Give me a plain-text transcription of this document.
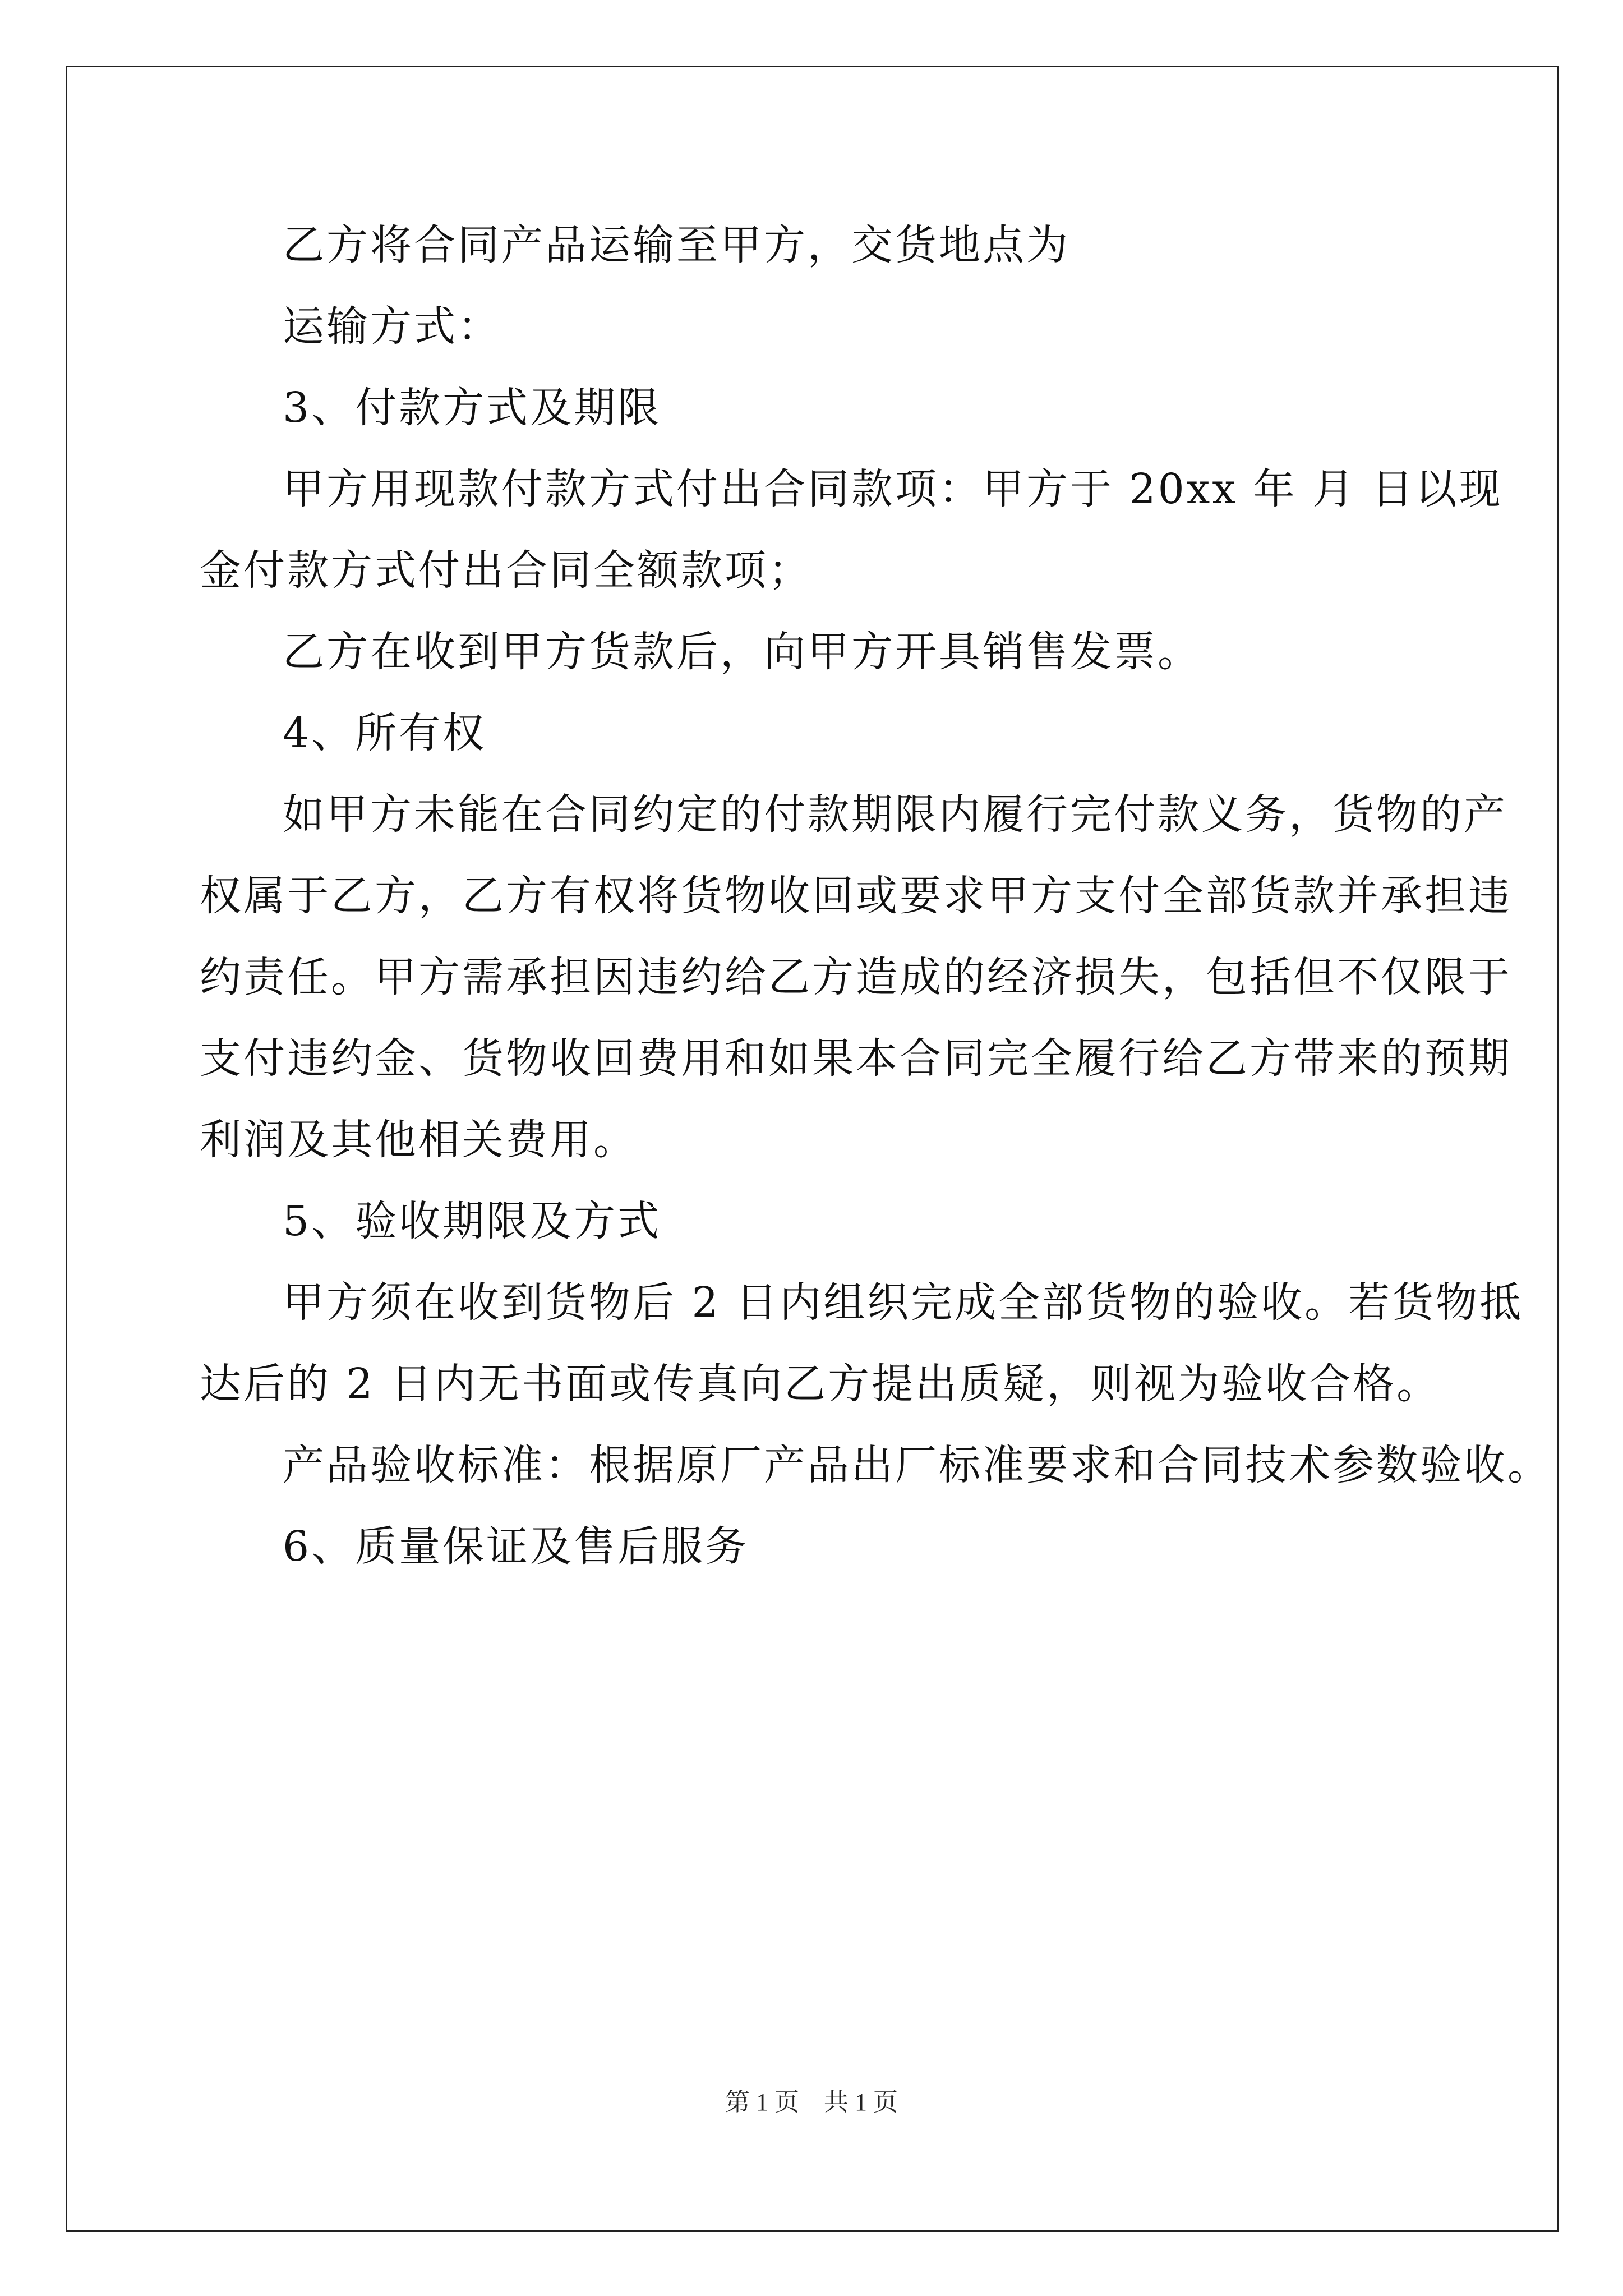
乙方将合同产品运输至甲方，交货地点为
运输方式：
3、付款方式及期限
甲方用现款付款方式付出合同款项：甲方于 20xx 年 月 日以现
金付款方式付出合同全额款项；
乙方在收到甲方货款后，向甲方开具销售发票。
4、所有权
如甲方未能在合同约定的付款期限内履行完付款义务，货物的产
权属于乙方，乙方有权将货物收回或要求甲方支付全部货款并承担违
约责任。甲方需承担因违约给乙方造成的经济损失，包括但不仅限于
支付违约金、货物收回费用和如果本合同完全履行给乙方带来的预期
利润及其他相关费用。
5、验收期限及方式
甲方须在收到货物后 2 日内组织完成全部货物的验收。若货物抵
达后的 2 日内无书面或传真向乙方提出质疑，则视为验收合格。
产品验收标准：根据原厂产品出厂标准要求和合同技术参数验收。
6、质量保证及售后服务
第 1 页　共 1 页
